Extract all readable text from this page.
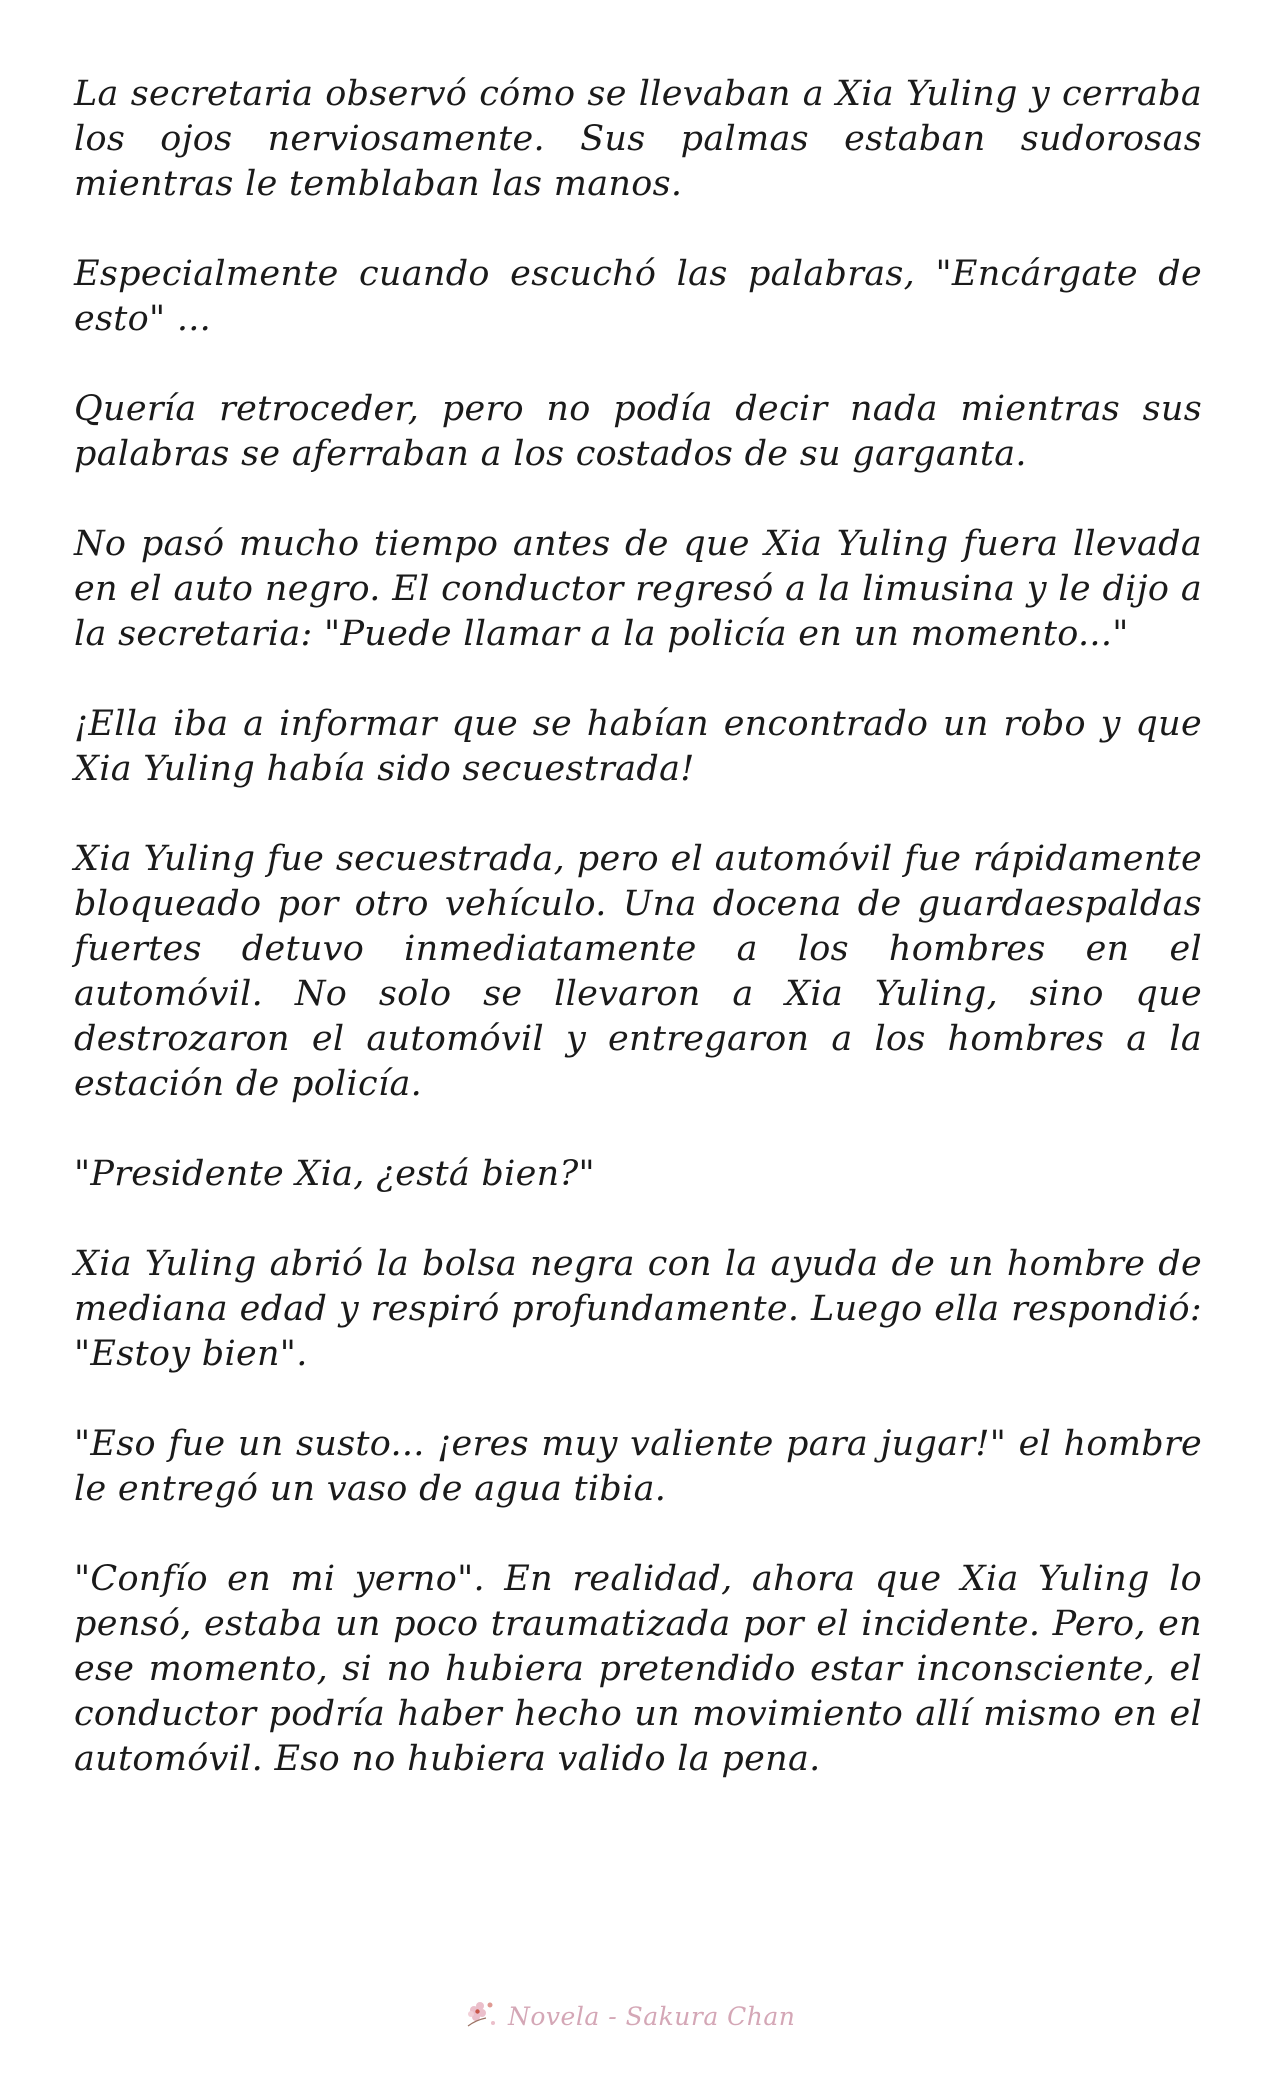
La secretaria observó cómo se llevaban a Xia Yuling y cerraba los ojos nerviosamente. Sus palmas estaban sudorosas mientras le temblaban las manos.

Especialmente cuando escuchó las palabras, "Encárgate de esto" ...

Quería retroceder, pero no podía decir nada mientras sus palabras se aferraban a los costados de su garganta.

No pasó mucho tiempo antes de que Xia Yuling fuera llevada en el auto negro. El conductor regresó a la limusina y le dijo a la secretaria: "Puede llamar a la policía en un momento..."

¡Ella iba a informar que se habían encontrado un robo y que Xia Yuling había sido secuestrada!

Xia Yuling fue secuestrada, pero el automóvil fue rápidamente bloqueado por otro vehículo. Una docena de guardaespaldas fuertes detuvo inmediatamente a los hombres en el automóvil. No solo se llevaron a Xia Yuling, sino que destrozaron el automóvil y entregaron a los hombres a la estación de policía.

"Presidente Xia, ¿está bien?"

Xia Yuling abrió la bolsa negra con la ayuda de un hombre de mediana edad y respiró profundamente. Luego ella respondió: "Estoy bien".

"Eso fue un susto... ¡eres muy valiente para jugar!" el hombre le entregó un vaso de agua tibia.

"Confío en mi yerno". En realidad, ahora que Xia Yuling lo pensó, estaba un poco traumatizada por el incidente. Pero, en ese momento, si no hubiera pretendido estar inconsciente, el conductor podría haber hecho un movimiento allí mismo en el automóvil. Eso no hubiera valido la pena.

Novela - Sakura Chan
